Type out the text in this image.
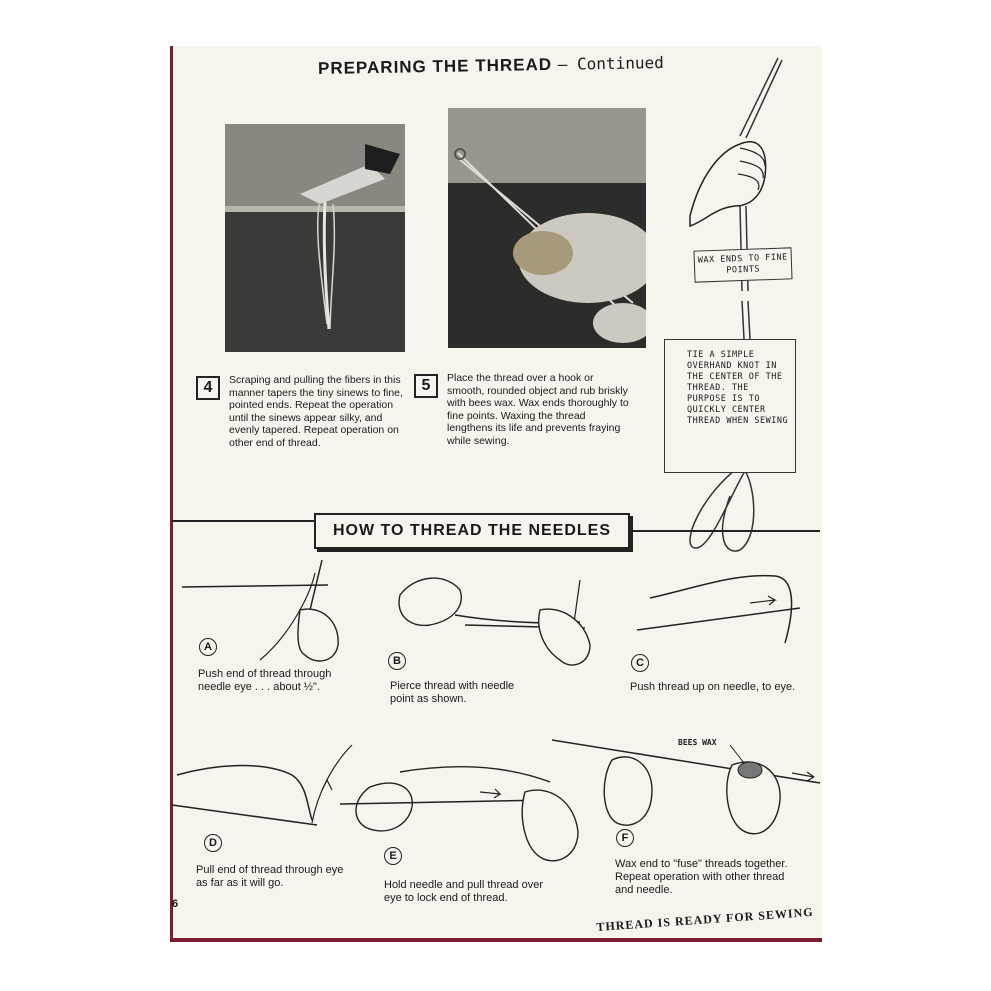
PREPARING THE THREAD – Continued
4	Scraping and pulling the fibers in this manner tapers the tiny sinews to fine, pointed ends. Repeat the operation until the sinews appear silky, and evenly tapered. Repeat operation on other end of thread.
5	Place the thread over a hook or smooth, rounded object and rub briskly with bees wax. Wax ends thoroughly to fine points. Waxing the thread lengthens its life and prevents fraying while sewing.
WAX ENDS TO FINE POINTS
TIE A SIMPLE OVERHAND KNOT IN THE CENTER OF THE THREAD. THE PURPOSE IS TO QUICKLY CENTER THREAD WHEN SEWING
HOW TO THREAD THE NEEDLES
BEES WAX
A
Push end of thread through needle eye . . . about ½".
B
Pierce thread with needle point as shown.
C
Push thread up on needle, to eye.
D
Pull end of thread through eye as far as it will go.
E
Hold needle and pull thread over eye to lock end of thread.
F
Wax end to "fuse" threads together. Repeat operation with other thread and needle.
6
THREAD IS READY FOR SEWING
